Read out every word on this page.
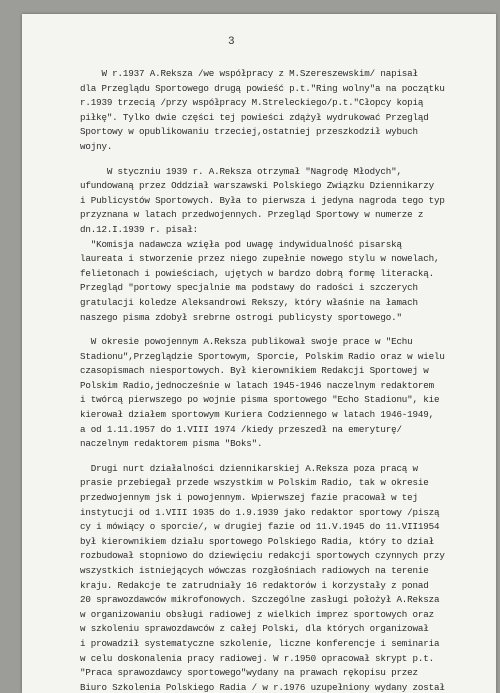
3
W r.1937 A.Reksza /we współpracy z M.Szereszewskim/ napisał
dla Przeglądu Sportowego drugą powieść p.t."Ring wolny"a na początku
r.1939 trzecią /przy współpracy M.Streleckiego/p.t."Cłopcy kopią
piłkę". Tylko dwie części tej powieści zdążył wydrukować Przegląd
Sportowy w opublikowaniu trzeciej,ostatniej przeszkodził wybuch
wojny.
W styczniu 1939 r. A.Reksza otrzymał "Nagrodę Młodych",
ufundowaną przez Oddział warszawski Polskiego Związku Dziennikarzy
i Publicystów Sportowych. Była to pierwsza i jedyna nagroda tego typ
przyznana w latach przedwojennych. Przegląd Sportowy w numerze z
dn.12.I.1939 r. pisał:
"Komisja nadawcza wzięła pod uwagę indywidualność pisarską
laureata i stworzenie przez niego zupełnie nowego stylu w nowelach,
felietonach i powieściach, ujętych w bardzo dobrą formę literacką.
Przegląd "portowy specjalnie ma podstawy do radości i szczerych
gratulacji koledze Aleksandrowi Rekszy, który właśnie na łamach
naszego pisma zdobył srebrne ostrogi publicysty sportowego."
W okresie powojennym A.Reksza publikował swoje prace w "Echu
Stadionu",Przeglądzie Sportowym, Sporcie, Polskim Radio oraz w wielu
czasopismach niesportowych. Był kierownikiem Redakcji Sportowej w
Polskim Radio,jednocześnie w latach 1945-1946 naczelnym redaktorem
i twórcą pierwszego po wojnie pisma sportowego "Echo Stadionu", kie
kierował działem sportowym Kuriera Codziennego w latach 1946-1949,
a od 1.11.1957 do 1.VIII 1974 /kiedy przeszedł na emeryturę/
naczelnym redaktorem pisma "Boks".
Drugi nurt działalności dziennikarskiej A.Reksza poza pracą w
prasie przebiegał przede wszystkim w Polskim Radio, tak w okresie
przedwojennym jsk i powojennym. Wpierwszej fazie pracował w tej
instytucji od 1.VIII 1935 do 1.9.1939 jako redaktor sportowy /piszą
cy i mówiący o sporcie/, w drugiej fazie od 11.V.1945 do 11.VII1954
był kierownikiem działu sportowego Polskiego Radia, który to dział
rozbudował stopniowo do dziewięciu redakcji sportowych czynnych przy
wszystkich istniejących wówczas rozgłośniach radiowych na terenie
kraju. Redakcje te zatrudniały 16 redaktorów i korzystały z ponad
20 sprawozdawców mikrofonowych. Szczególne zasługi położył A.Reksza
w organizowaniu obsługi radiowej z wielkich imprez sportowych oraz
w szkoleniu sprawozdawców z całej Polski, dla których organizował
i prowadził systematyczne szkolenie, liczne konferencje i seminaria
w celu doskonalenia pracy radiowej. W r.1950 opracował skrypt p.t.
"Praca sprawozdawcy sportowego"wydany na prawach rękopisu przez
Biuro Szkolenia Polskiego Radia / w r.1976 uzupełniony wydany został
